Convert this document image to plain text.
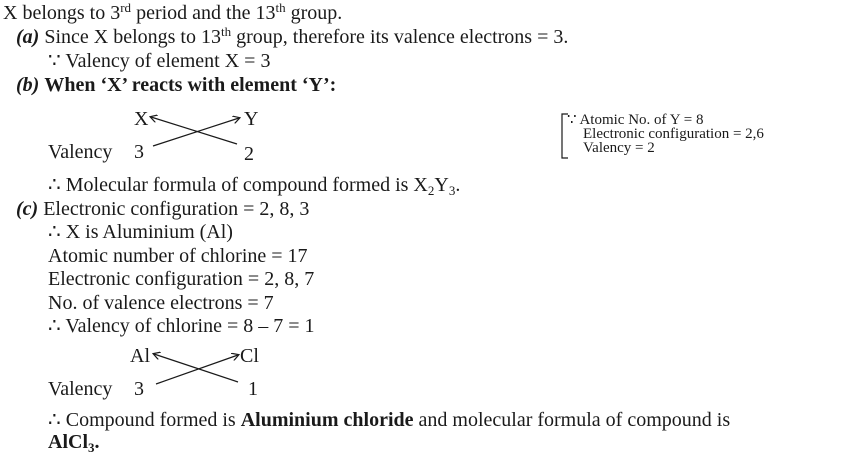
X belongs to 3rd period and the 13th group.
(a) Since X belongs to 13th group, therefore its valence electrons = 3.
∵ Valency of element X = 3
(b) When ‘X’ reacts with element ‘Y’:
X	Y
Valency 3	2
∵ Atomic No. of Y = 8
Electronic configuration = 2,6
Valency = 2
∴ Molecular formula of compound formed is $X_2Y_3$.
(c) Electronic configuration = 2, 8, 3
∴ X is Aluminium (Al)
Atomic number of chlorine = 17
Electronic configuration = 2, 8, 7
No. of valence electrons = 7
∴ Valency of chlorine = 8 – 7 = 1
Al	Cl
Valency 3	1
∴ Compound formed is Aluminium chloride and molecular formula of compound is
AlCl$_3$.
